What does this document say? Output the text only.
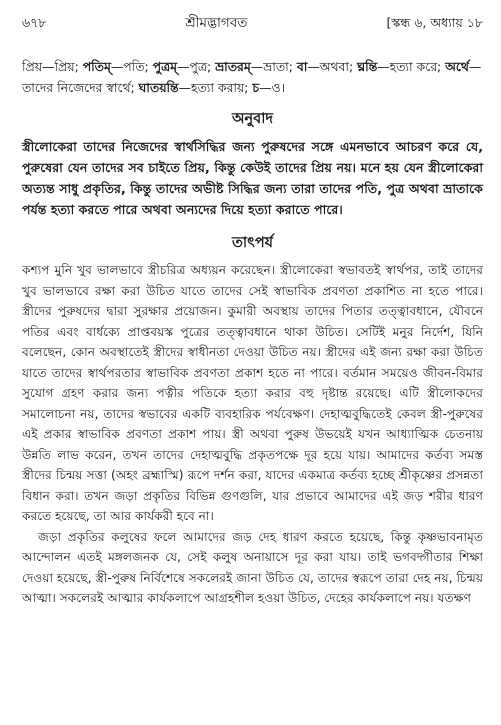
৬৭৮	শ্রীমদ্ভাগবত	[স্কন্ধ ৬, অধ্যায় ১৮
প্রিয়—প্রিয়; পতিম্—পতি; পুত্রম্—পুত্র; ভ্রাতরম্—ভ্রাতা; বা—অথবা; ঘ্নন্তি—হত্যা করে; অর্থে—তাদের নিজেদের স্বার্থে; ঘাতয়ন্তি—হত্যা করায়; চ—ও।
অনুবাদ
স্ত্রীলোকেরা তাদের নিজেদের স্বার্থসিদ্ধির জন্য পুরুষদের সঙ্গে এমনভাবে আচরণ করে যে, পুরুষেরা যেন তাদের সব চাইতে প্রিয়, কিন্তু কেউই তাদের প্রিয় নয়। মনে হয় যেন স্ত্রীলোকেরা অত্যন্ত সাধু প্রকৃতির, কিন্তু তাদের অভীষ্ট সিদ্ধির জন্য তারা তাদের পতি, পুত্র অথবা ভ্রাতাকে পর্যন্ত হত্যা করতে পারে অথবা অন্যদের দিয়ে হত্যা করাতে পারে।
তাৎপর্য

কশ্যপ মুনি খুব ভালভাবে স্ত্রীচরিত্র অধ্যয়ন করেছেন। স্ত্রীলোকেরা স্বভাবতই স্বার্থপর, তাই তাদের খুব ভালভাবে রক্ষা করা উচিত যাতে তাদের সেই স্বাভাবিক প্রবণতা প্রকাশিত না হতে পারে। স্ত্রীদের পুরুষদের দ্বারা সুরক্ষার প্রয়োজন। কুমারী অবস্থায় তাদের পিতার তত্ত্বাবধানে, যৌবনে পতির এবং বার্ধক্যে প্রাপ্তবয়স্ক পুত্রের তত্ত্বাবধানে থাকা উচিত। সেটিই মনুর নির্দেশ, যিনি বলেছেন, কোন অবস্থাতেই স্ত্রীদের স্বাধীনতা দেওয়া উচিত নয়। স্ত্রীদের এই জন্য রক্ষা করা উচিত যাতে তাদের স্বার্থপরতার স্বাভাবিক প্রবণতা প্রকাশ হতে না পারে। বর্তমান সময়েও জীবন-বিমার সুযোগ গ্রহণ করার জন্য পত্নীর পতিকে হত্যা করার বহু দৃষ্টান্ত রয়েছে। এটি স্ত্রীলোকদের সমালোচনা নয়, তাদের স্বভাবের একটি ব্যবহারিক পর্যবেক্ষণ। দেহাত্মবুদ্ধিতেই কেবল স্ত্রী-পুরুষের এই প্রকার স্বাভাবিক প্রবণতা প্রকাশ পায়। স্ত্রী অথবা পুরুষ উভয়েই যখন আধ্যাত্মিক চেতনায় উন্নতি লাভ করেন, তখন তাদের দেহাত্মবুদ্ধি প্রকৃতপক্ষে দূর হয়ে যায়। আমাদের কর্তব্য সমস্ত স্ত্রীদের চিন্ময় সত্তা (অহং ব্রহ্মাস্মি) রূপে দর্শন করা, যাদের একমাত্র কর্তব্য হচ্ছে শ্রীকৃষ্ণের প্রসন্নতা বিধান করা। তখন জড়া প্রকৃতির বিভিন্ন গুণগুলি, যার প্রভাবে আমাদের এই জড় শরীর ধারণ করতে হয়েছে, তা আর কার্যকরী হবে না।

জড়া প্রকৃতির কলুষের ফলে আমাদের জড় দেহ ধারণ করতে হয়েছে, কিন্তু কৃষ্ণভাবনামৃত আন্দোলন এতই মঙ্গলজনক যে, সেই কলুষ অনায়াসে দূর করা যায়। তাই ভগবদ্গীতার শিক্ষা দেওয়া হয়েছে, স্ত্রী-পুরুষ নির্বিশেষে সকলেরই জানা উচিত যে, তাদের স্বরূপে তারা দেহ নয়, চিন্ময় আত্মা। সকলেরই আত্মার কার্যকলাপে আগ্রহশীল হওয়া উচিত, দেহের কার্যকলাপে নয়। যতক্ষণ
